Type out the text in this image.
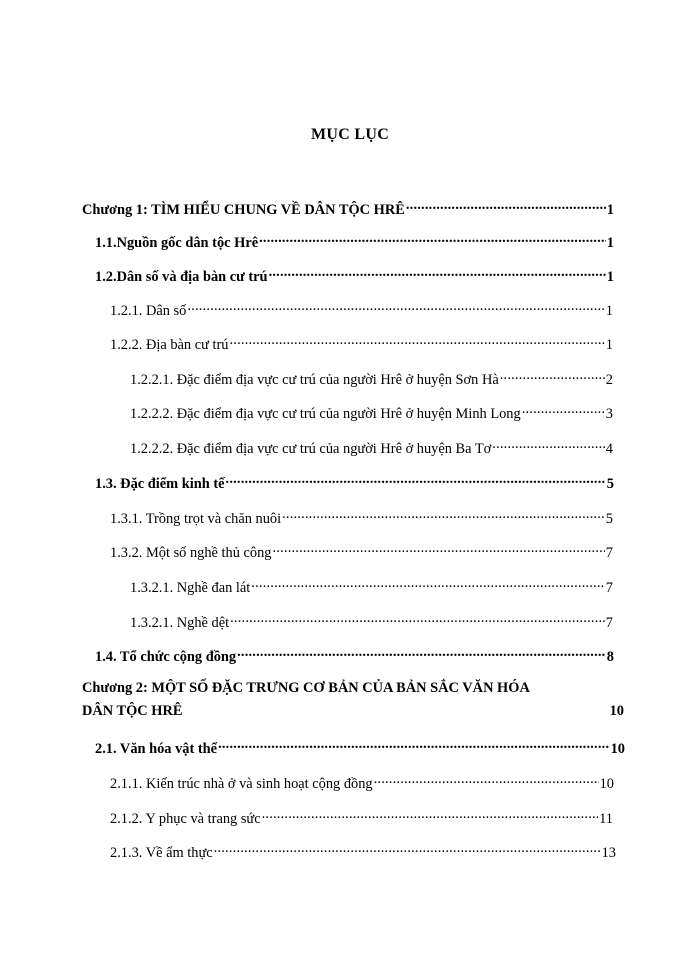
MỤC LỤC
Chương 1: TÌM HIỂU CHUNG VỀ DÂN TỘC HRÊ .....	1
1.1.Nguồn gốc dân tộc Hrê .....	1
1.2.Dân số và địa bàn cư trú .....	1
1.2.1. Dân số .....	1
1.2.2. Địa bàn cư trú .....	1
1.2.2.1. Đặc điểm địa vực cư trú của người Hrê ở huyện Sơn Hà .....	2
1.2.2.2. Đặc điểm địa vực cư trú của người Hrê ở huyện Minh Long .....	3
1.2.2.2. Đặc điểm địa vực cư trú của người Hrê ở huyện Ba Tơ .....	4
1.3. Đặc điểm kinh tế .....	5
1.3.1. Trồng trọt và chăn nuôi .....	5
1.3.2. Một số nghề thủ công .....	7
1.3.2.1. Nghề đan lát .....	7
1.3.2.1. Nghề dệt .....	7
1.4. Tổ chức cộng đồng .....	8
Chương 2: MỘT SỐ ĐẶC TRƯNG CƠ BẢN CỦA BẢN SẮC VĂN HÓA
DÂN TỘC HRÊ	10
2.1. Văn hóa vật thể .....	10
2.1.1. Kiến trúc nhà ở và sinh hoạt cộng đồng .....	10
2.1.2. Y phục và trang sức .....	11
2.1.3. Về ẩm thực .....	13
